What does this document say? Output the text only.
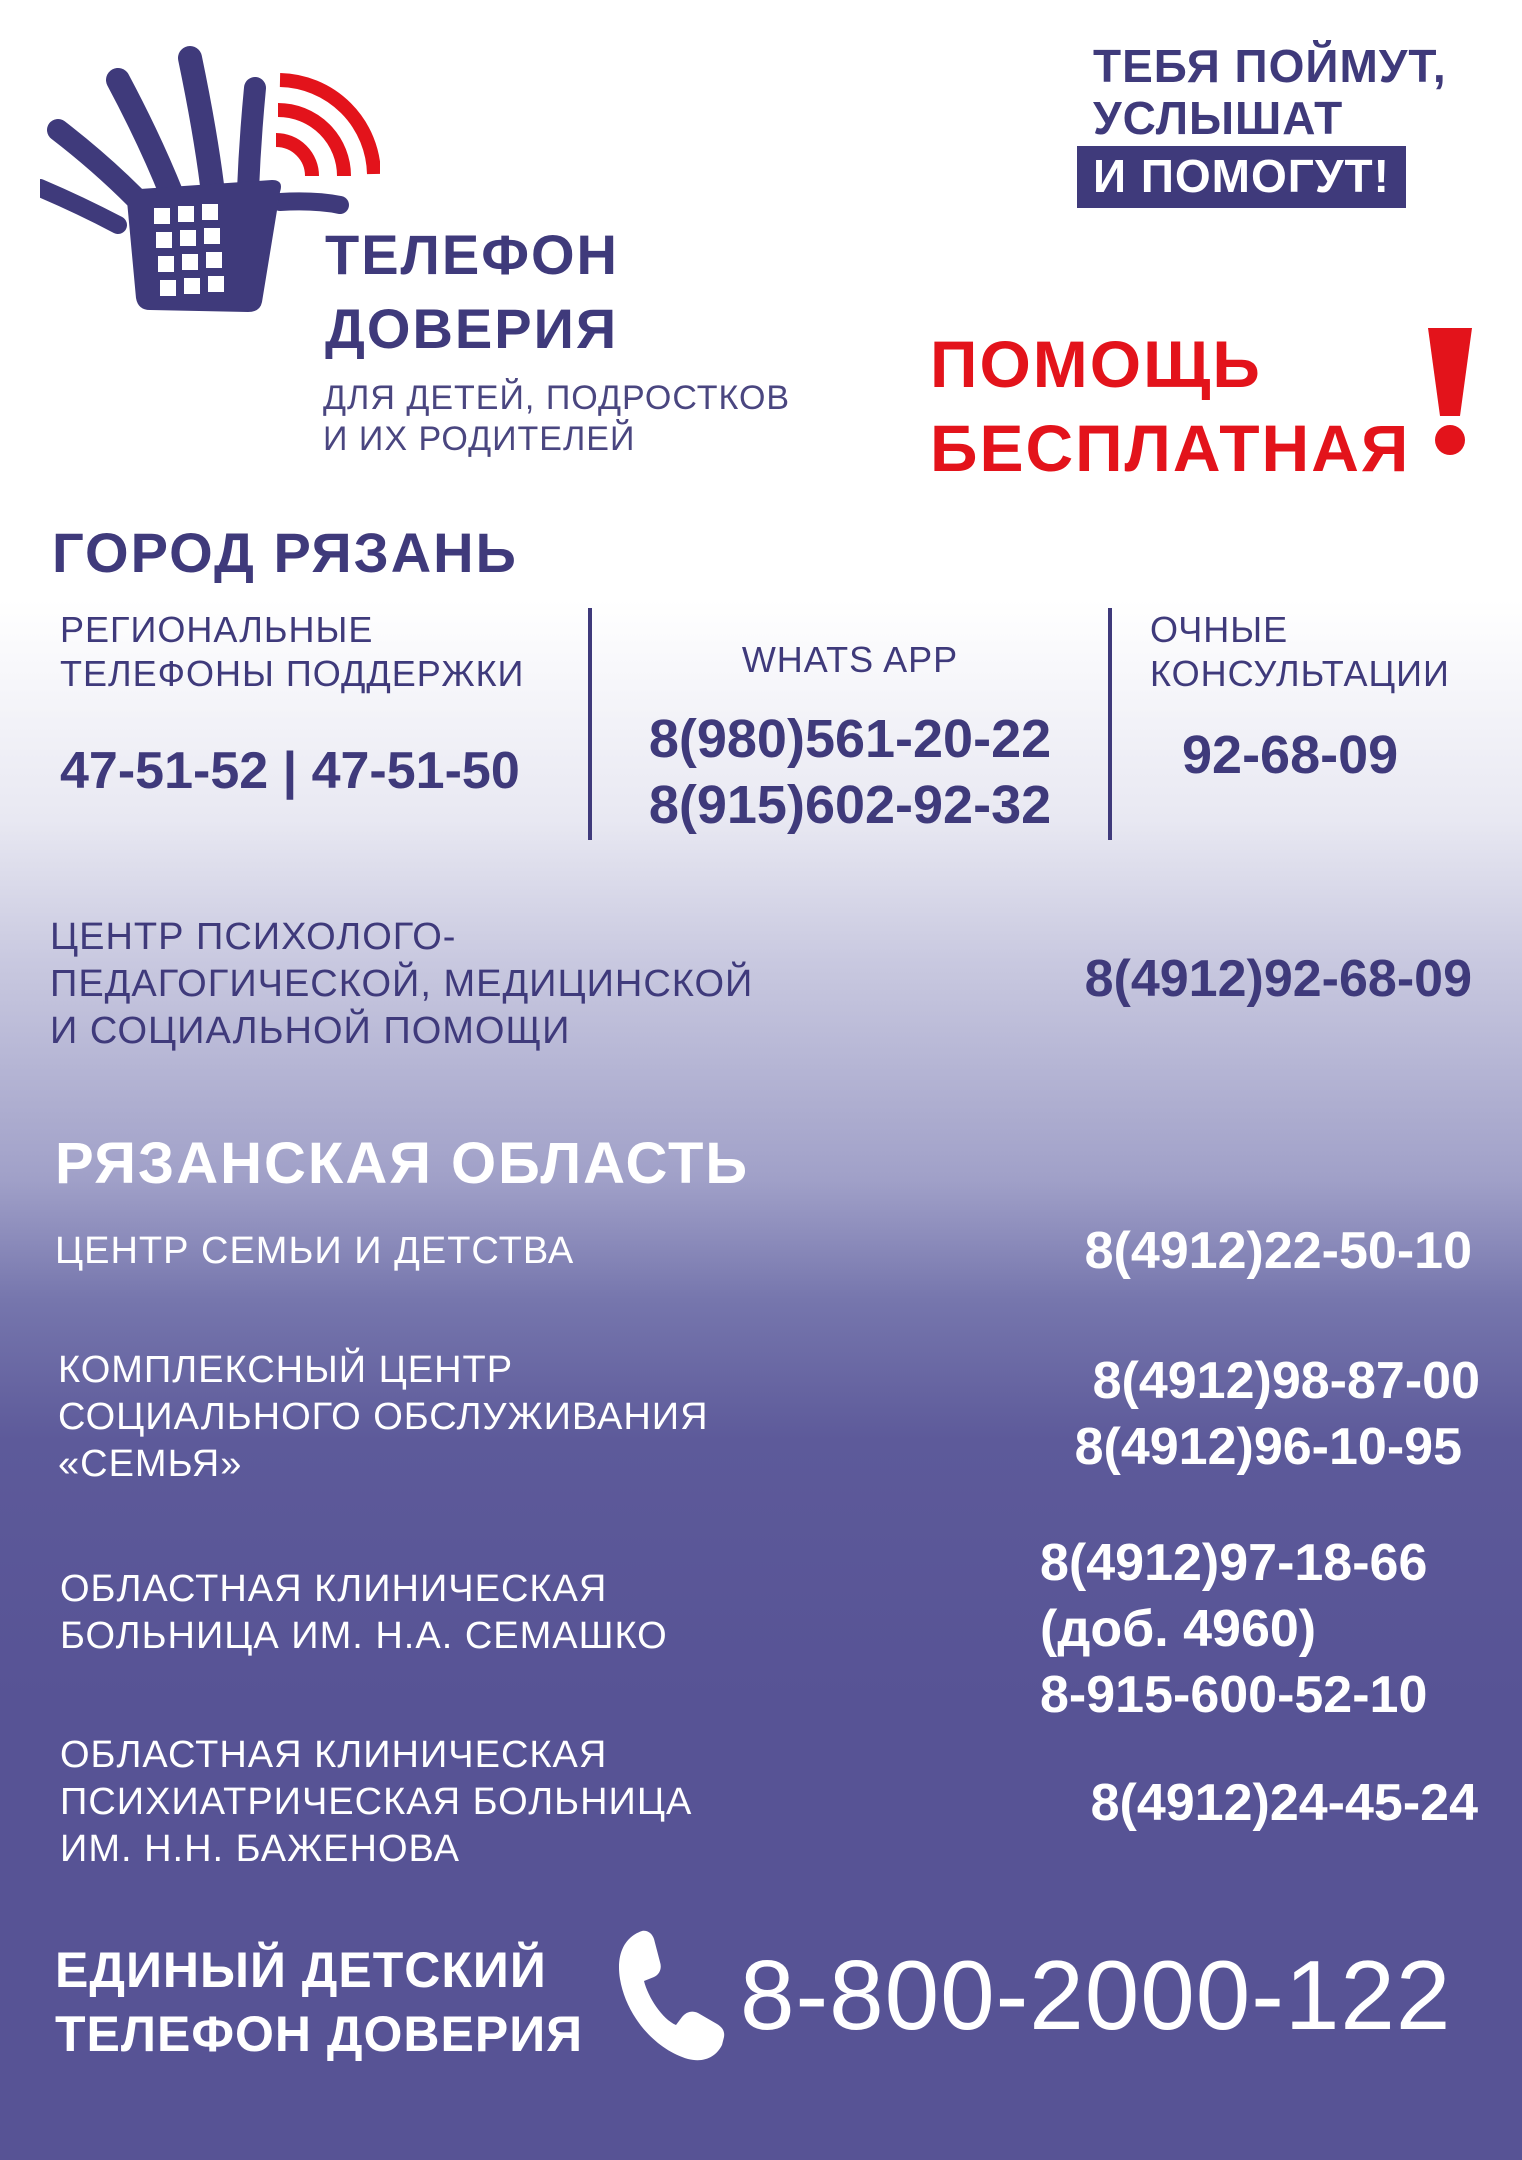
ТЕЛЕФОН
ДОВЕРИЯ
ДЛЯ ДЕТЕЙ, ПОДРОСТКОВ
И ИХ РОДИТЕЛЕЙ
ТЕБЯ ПОЙМУТ,
УСЛЫШАТ
И ПОМОГУТ!
ПОМОЩЬ
БЕСПЛАТНАЯ
ГОРОД РЯЗАНЬ
РЕГИОНАЛЬНЫЕ
ТЕЛЕФОНЫ ПОДДЕРЖКИ
47-51-52 | 47-51-50
WHATS APP
8(980)561-20-22
8(915)602-92-32
ОЧНЫЕ
КОНСУЛЬТАЦИИ
92-68-09
ЦЕНТР ПСИХОЛОГО-
ПЕДАГОГИЧЕСКОЙ, МЕДИЦИНСКОЙ
И СОЦИАЛЬНОЙ ПОМОЩИ
8(4912)92-68-09
РЯЗАНСКАЯ ОБЛАСТЬ
ЦЕНТР СЕМЬИ И ДЕТСТВА	8(4912)22-50-10
КОМПЛЕКСНЫЙ ЦЕНТР
СОЦИАЛЬНОГО ОБСЛУЖИВАНИЯ
«СЕМЬЯ»
8(4912)98-87-00
8(4912)96-10-95
ОБЛАСТНАЯ КЛИНИЧЕСКАЯ
БОЛЬНИЦА ИМ. Н.А. СЕМАШКО
8(4912)97-18-66
(доб. 4960)
8-915-600-52-10
ОБЛАСТНАЯ КЛИНИЧЕСКАЯ
ПСИХИАТРИЧЕСКАЯ БОЛЬНИЦА
ИМ. Н.Н. БАЖЕНОВА
8(4912)24-45-24
ЕДИНЫЙ ДЕТСКИЙ
ТЕЛЕФОН ДОВЕРИЯ 8-800-2000-122
